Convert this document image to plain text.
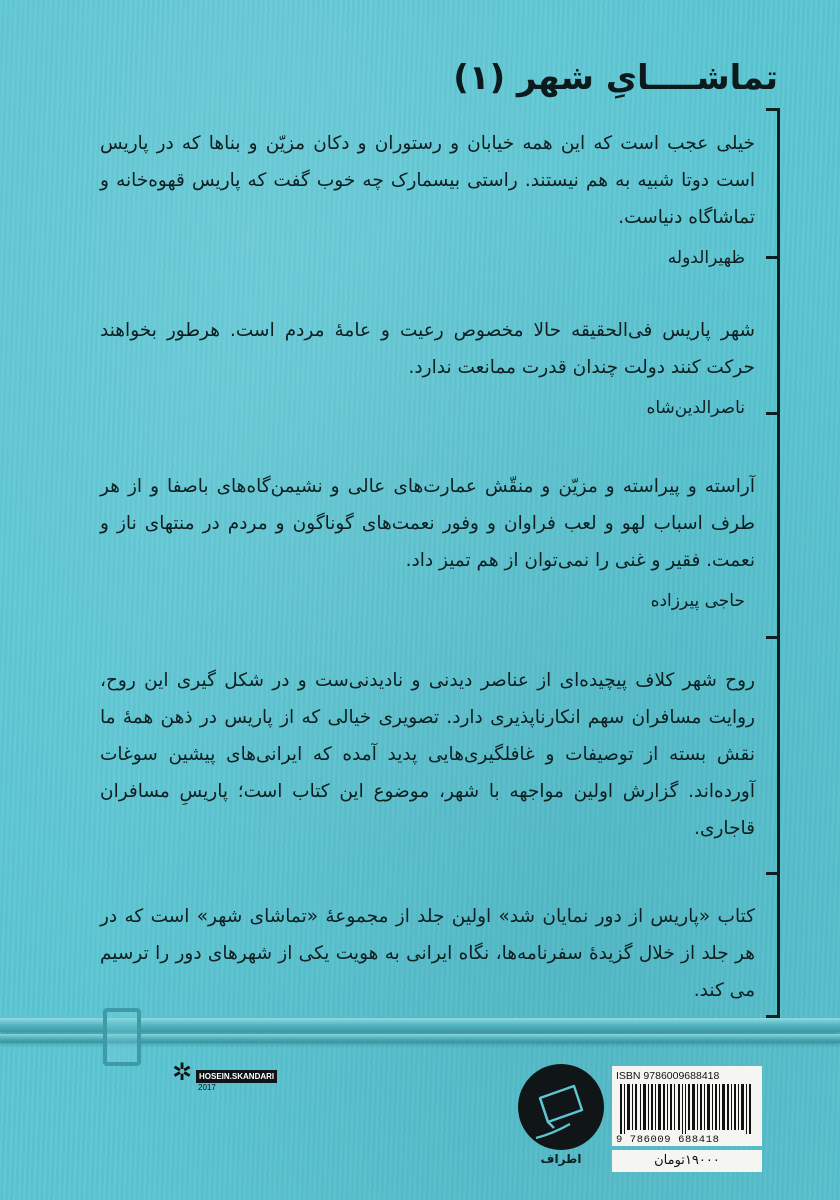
تماشــــایِ شهر (۱)

خیلی عجب است که این همه خیابان و رستوران و دکان مزیّن و بناها که در پاریس است دوتا شبیه به هم نیستند. راستی بیسمارک چه خوب گفت که پاریس قهوه‌خانه و تماشاگاه دنیاست.

ظهیرالدوله

شهر پاریس فی‌الحقیقه حالا مخصوص رعیت و عامۀ مردم است. هرطور بخواهند حرکت کنند دولت چندان قدرت ممانعت ندارد.

ناصرالدین‌شاه

آراسته و پیراسته و مزیّن و منقّش عمارت‌های عالی و نشیمن‌گاه‌های باصفا و از هر طرف اسباب لهو و لعب فراوان و وفور نعمت‌های گوناگون و مردم در منتهای ناز و نعمت. فقیر و غنی را نمی‌توان از هم تمیز داد.

حاجی پیرزاده

روح شهر کلاف پیچیده‌ای از عناصر دیدنی و نادیدنی‌ست و در شکل گیری این روح، روایت مسافران سهم انکارناپذیری دارد. تصویری خیالی که از پاریس در ذهن همۀ ما نقش بسته از توصیفات و غافلگیری‌هایی پدید آمده که ایرانی‌های پیشین سوغات آورده‌اند. گزارش اولین مواجهه با شهر، موضوع این کتاب است؛ پاریسِ مسافران قاجاری.

کتاب «پاریس از دور نمایان شد» اولین جلد از مجموعۀ «تماشای شهر» است که در هر جلد از خلال گزیدۀ سفرنامه‌ها، نگاه ایرانی به هویت یکی از شهرهای دور را ترسیم می کند.

✲ HOSEIN.SKANDARI
2017
اطراف
ISBN 9786009688418
9 786009 688418
۱۹۰۰۰تومان
